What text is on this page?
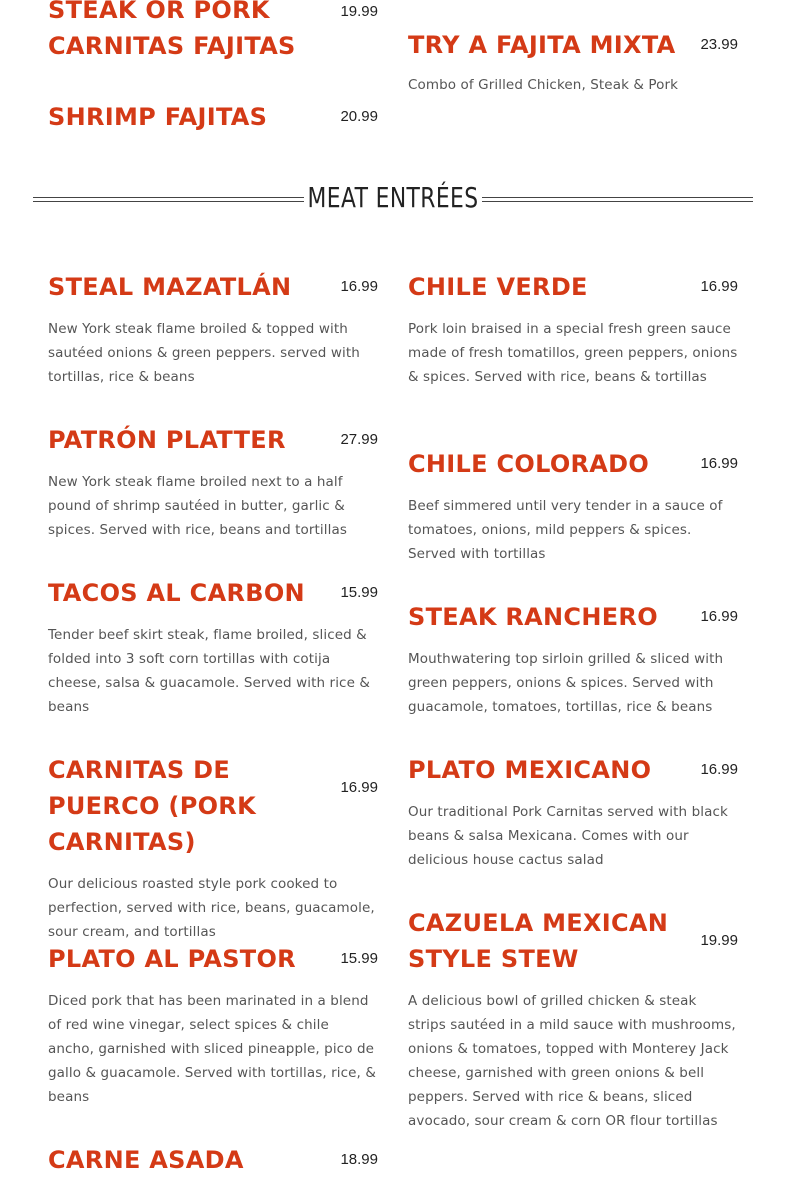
19.99
STEAK OR PORK CARNITAS FAJITAS
20.99
SHRIMP FAJITAS
23.99
TRY A FAJITA MIXTA

Combo of Grilled Chicken, Steak & Pork

MEAT ENTRÉES
16.99
STEAL MAZATLÁN

New York steak flame broiled & topped with sautéed onions & green peppers. served with tortillas, rice & beans

27.99
PATRÓN PLATTER

New York steak flame broiled next to a half pound of shrimp sautéed in butter, garlic & spices. Served with rice, beans and tortillas

15.99
TACOS AL CARBON

Tender beef skirt steak, flame broiled, sliced & folded into 3 soft corn tortillas with cotija cheese, salsa & guacamole. Served with rice & beans

16.99
CARNITAS DE PUERCO (PORK CARNITAS)

Our delicious roasted style pork cooked to perfection, served with rice, beans, guacamole, sour cream, and tortillas

15.99
PLATO AL PASTOR

Diced pork that has been marinated in a blend of red wine vinegar, select spices & chile ancho, garnished with sliced pineapple, pico de gallo & guacamole. Served with tortillas, rice, & beans

18.99
CARNE ASADA
16.99
CHILE VERDE

Pork loin braised in a special fresh green sauce made of fresh tomatillos, green peppers, onions & spices. Served with rice, beans & tortillas

16.99
CHILE COLORADO

Beef simmered until very tender in a sauce of tomatoes, onions, mild peppers & spices. Served with tortillas

16.99
STEAK RANCHERO

Mouthwatering top sirloin grilled & sliced with green peppers, onions & spices. Served with guacamole, tomatoes, tortillas, rice & beans

16.99
PLATO MEXICANO

Our traditional Pork Carnitas served with black beans & salsa Mexicana. Comes with our delicious house cactus salad

19.99
CAZUELA MEXICAN STYLE STEW

A delicious bowl of grilled chicken & steak strips sautéed in a mild sauce with mushrooms, onions & tomatoes, topped with Monterey Jack cheese, garnished with green onions & bell peppers. Served with rice & beans, sliced avocado, sour cream & corn OR flour tortillas
